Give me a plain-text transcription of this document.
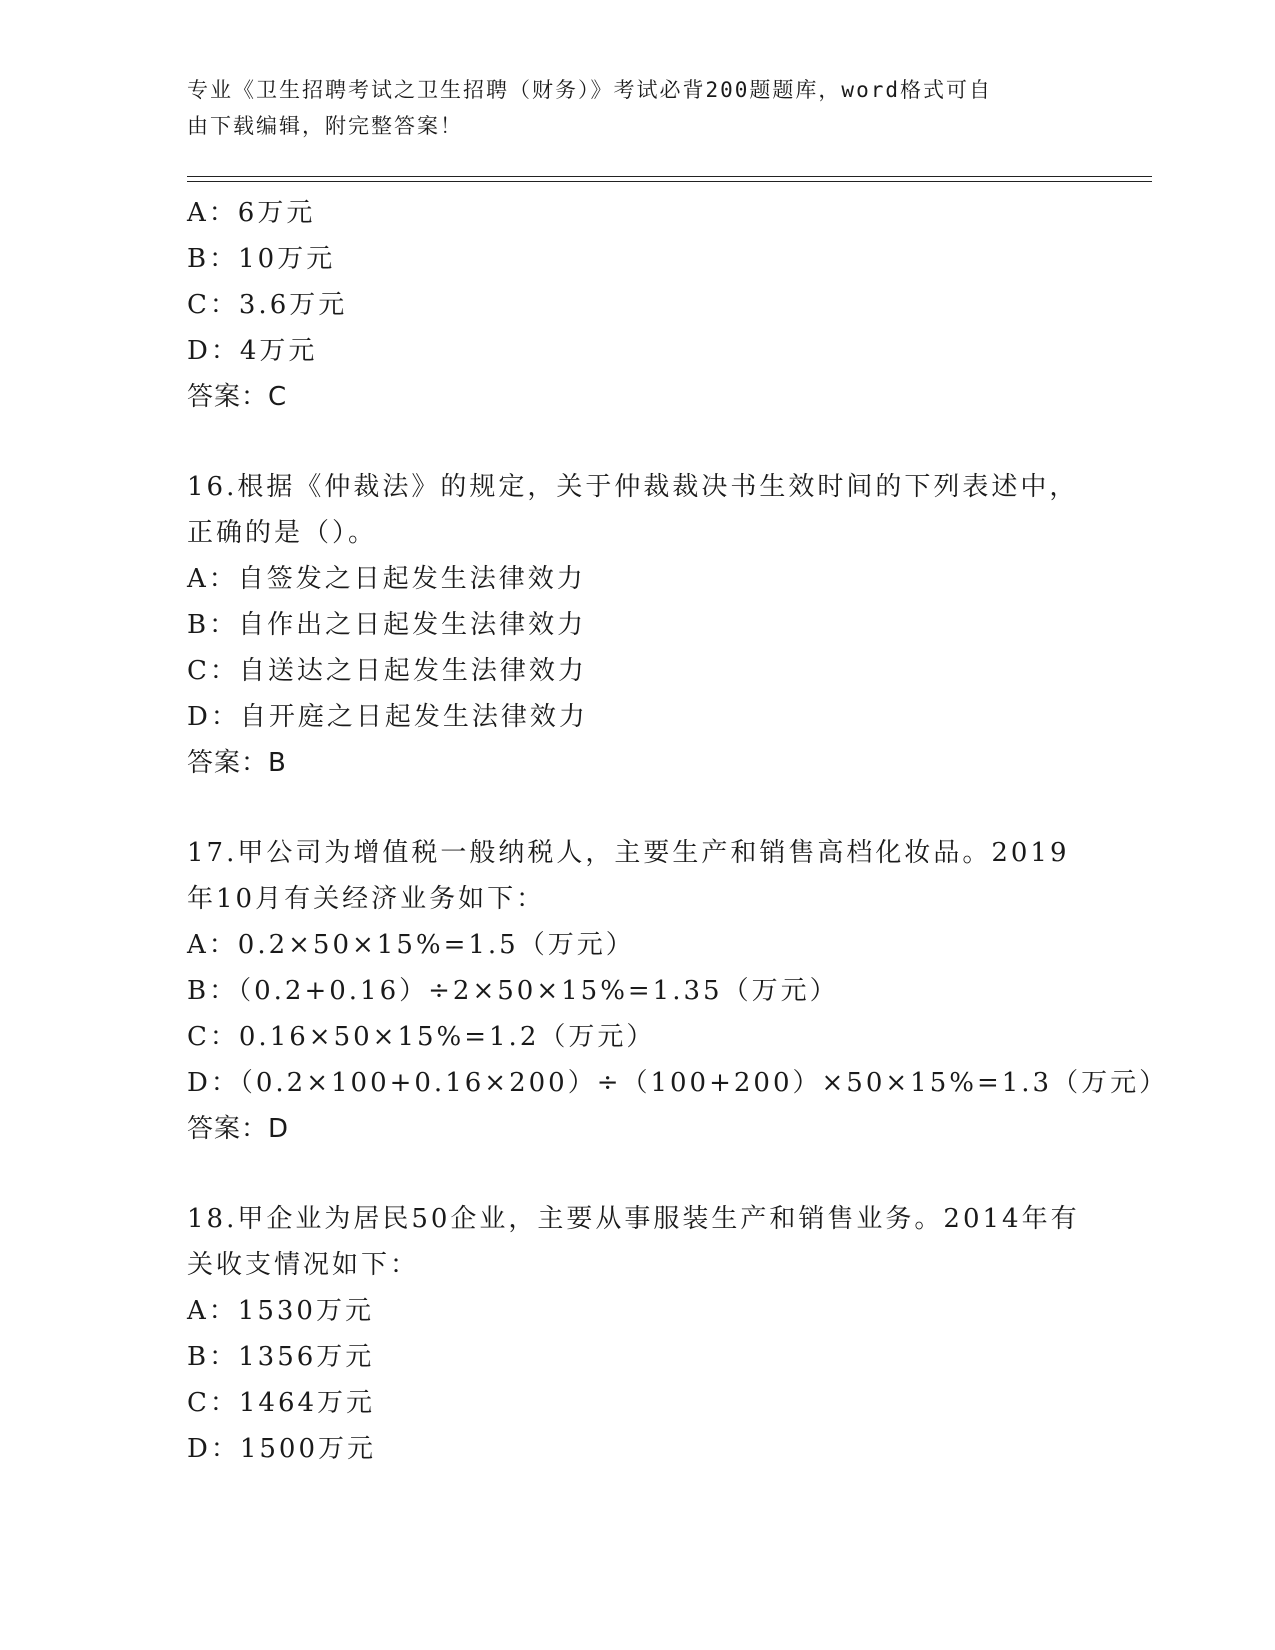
专业《卫生招聘考试之卫生招聘（财务）》考试必背200题题库，word格式可自
由下载编辑，附完整答案！
A：6万元
B：10万元
C：3.6万元
D：4万元
答案：C
16.根据《仲裁法》的规定，关于仲裁裁决书生效时间的下列表述中，
正确的是（）。
A：自签发之日起发生法律效力
B：自作出之日起发生法律效力
C：自送达之日起发生法律效力
D：自开庭之日起发生法律效力
答案：B
17.甲公司为增值税一般纳税人，主要生产和销售高档化妆品。2019
年10月有关经济业务如下：
A：0.2×50×15%=1.5（万元）
B：（0.2+0.16）÷2×50×15%=1.35（万元）
C：0.16×50×15%=1.2（万元）
D：（0.2×100+0.16×200）÷（100+200）×50×15%=1.3（万元）
答案：D
18.甲企业为居民50企业，主要从事服装生产和销售业务。2014年有
关收支情况如下：
A：1530万元
B：1356万元
C：1464万元
D：1500万元
